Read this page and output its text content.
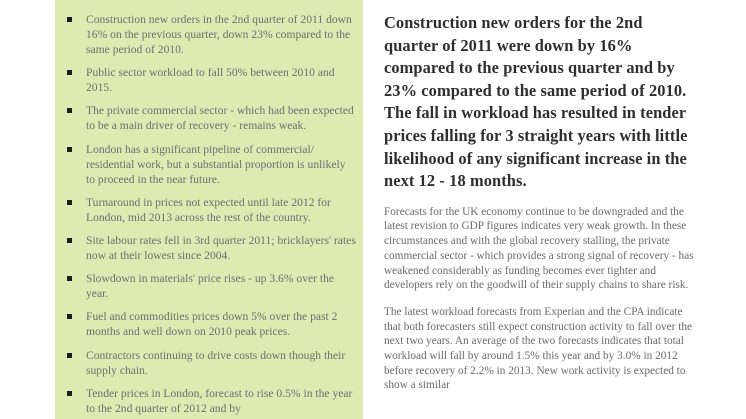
Construction new orders in the 2nd quarter of 2011 down 16% on the previous quarter, down 23% compared to the same period of 2010.
Public sector workload to fall 50% between 2010 and 2015.
The private commercial sector - which had been expected to be a main driver of recovery - remains weak.
London has a significant pipeline of commercial/ residential work, but a substantial proportion is unlikely to proceed in the near future.
Turnaround in prices not expected until late 2012 for London, mid 2013 across the rest of the country.
Site labour rates fell in 3rd quarter 2011; bricklayers' rates now at their lowest since 2004.
Slowdown in materials' price rises - up 3.6% over the year.
Fuel and commodities prices down 5% over the past 2 months and well down on 2010 peak prices.
Contractors continuing to drive costs down though their supply chain.
Tender prices in London, forecast to rise 0.5% in the year to the 2nd quarter of 2012 and by
Construction new orders for the 2nd quarter of 2011 were down by 16% compared to the previous quarter and by 23% compared to the same period of 2010. The fall in workload has resulted in tender prices falling for 3 straight years with little likelihood of any significant increase in the next 12 - 18 months.

Forecasts for the UK economy continue to be downgraded and the latest revision to GDP figures indicates very weak growth. In these circumstances and with the global recovery stalling, the private commercial sector - which provides a strong signal of recovery - has weakened considerably as funding becomes ever tighter and developers rely on the goodwill of their supply chains to share risk.

The latest workload forecasts from Experian and the CPA indicate that both forecasters still expect construction activity to fall over the next two years. An average of the two forecasts indicates that total workload will fall by around 1.5% this year and by 3.0% in 2012 before recovery of 2.2% in 2013. New work activity is expected to show a similar
